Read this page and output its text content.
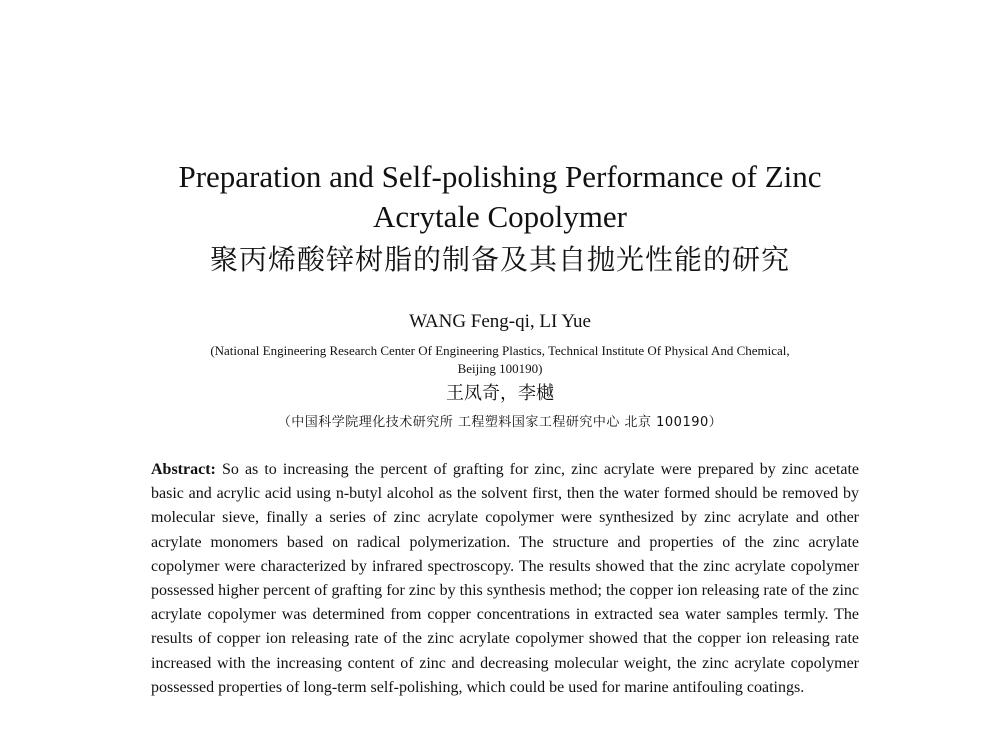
Preparation and Self-polishing Performance of Zinc
Acrytale Copolymer
聚丙烯酸锌树脂的制备及其自抛光性能的研究
WANG Feng-qi, LI Yue
(National Engineering Research Center Of Engineering Plastics, Technical Institute Of Physical And Chemical,
Beijing 100190)
王凤奇，李樾
（中国科学院理化技术研究所 工程塑料国家工程研究中心 北京 100190）
Abstract: So as to increasing the percent of grafting for zinc, zinc acrylate were prepared by zinc acetate basic and acrylic acid using n-butyl alcohol as the solvent first, then the water formed should be removed by molecular sieve, finally a series of zinc acrylate copolymer were synthesized by zinc acrylate and other acrylate monomers based on radical polymerization. The structure and properties of the zinc acrylate copolymer were characterized by infrared spectroscopy. The results showed that the zinc acrylate copolymer possessed higher percent of grafting for zinc by this synthesis method; the copper ion releasing rate of the zinc acrylate copolymer was determined from copper concentrations in extracted sea water samples termly. The results of copper ion releasing rate of the zinc acrylate copolymer showed that the copper ion releasing rate increased with the increasing content of zinc and decreasing molecular weight, the zinc acrylate copolymer possessed properties of long-term self-polishing, which could be used for marine antifouling coatings.
